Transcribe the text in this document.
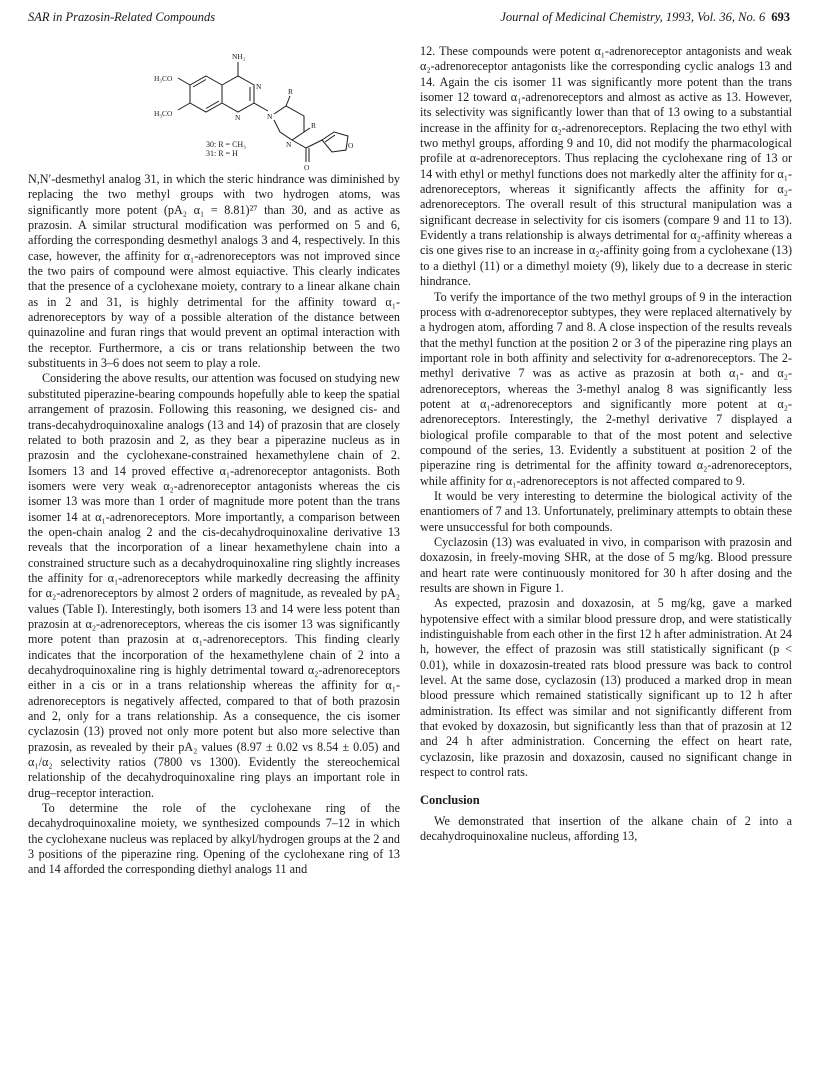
SAR in Prazosin-Related Compounds	Journal of Medicinal Chemistry, 1993, Vol. 36, No. 6 693
NH₂
H₃CO
H₃CO
N
N	N
N
R
R
O
O
30: R = CH₃
31: R = H

N,N′-desmethyl analog 31, in which the steric hindrance was diminished by replacing the two methyl groups with two hydrogen atoms, was significantly more potent (pA₂ α₁ = 8.81)²⁷ than 30, and as active as prazosin. A similar structural modification was performed on 5 and 6, affording the corresponding desmethyl analogs 3 and 4, respectively. In this case, however, the affinity for α₁-adrenoreceptors was not improved since the two pairs of compound were almost equiactive. This clearly indicates that the presence of a cyclohexane moiety, contrary to a linear alkane chain as in 2 and 31, is highly detrimental for the affinity toward α₁-adrenoreceptors by way of a possible alteration of the distance between quinazoline and furan rings that would prevent an optimal interaction with the receptor. Furthermore, a cis or trans relationship between the two substituents in 3–6 does not seem to play a role.

Considering the above results, our attention was focused on studying new substituted piperazine-bearing compounds hopefully able to keep the spatial arrangement of prazosin. Following this reasoning, we designed cis- and trans-decahydroquinoxaline analogs (13 and 14) of prazosin that are closely related to both prazosin and 2, as they bear a piperazine nucleus as in prazosin and the cyclohexane-constrained hexamethylene chain of 2. Isomers 13 and 14 proved effective α₁-adrenoreceptor antagonists. Both isomers were very weak α₂-adrenoreceptor antagonists whereas the cis isomer 13 was more than 1 order of magnitude more potent than the trans isomer 14 at α₁-adrenoreceptors. More importantly, a comparison between the open-chain analog 2 and the cis-decahydroquinoxaline derivative 13 reveals that the incorporation of a linear hexamethylene chain into a constrained structure such as a decahydroquinoxaline ring slightly increases the affinity for α₁-adrenoreceptors while markedly decreasing the affinity for α₂-adrenoreceptors by almost 2 orders of magnitude, as revealed by pA₂ values (Table I). Interestingly, both isomers 13 and 14 were less potent than prazosin at α₂-adrenoreceptors, whereas the cis isomer 13 was significantly more potent than prazosin at α₁-adrenoreceptors. This finding clearly indicates that the incorporation of the hexamethylene chain of 2 into a decahydroquinoxaline ring is highly detrimental toward α₂-adrenoreceptors either in a cis or in a trans relationship whereas the affinity for α₁-adrenoreceptors is negatively affected, compared to that of both prazosin and 2, only for a trans relationship. As a consequence, the cis isomer cyclazosin (13) proved not only more potent but also more selective than prazosin, as revealed by their pA₂ values (8.97 ± 0.02 vs 8.54 ± 0.05) and α₁/α₂ selectivity ratios (7800 vs 1300). Evidently the stereochemical relationship of the decahydroquinoxaline ring plays an important role in drug–receptor interaction.

To determine the role of the cyclohexane ring of the decahydroquinoxaline moiety, we synthesized compounds 7–12 in which the cyclohexane nucleus was replaced by alkyl/hydrogen groups at the 2 and 3 positions of the piperazine ring. Opening of the cyclohexane ring of 13 and 14 afforded the corresponding diethyl analogs 11 and

12. These compounds were potent α₁-adrenoreceptor antagonists and weak α₂-adrenoreceptor antagonists like the corresponding cyclic analogs 13 and 14. Again the cis isomer 11 was significantly more potent than the trans isomer 12 toward α₁-adrenoreceptors and almost as active as 13. However, its selectivity was significantly lower than that of 13 owing to a substantial increase in the affinity for α₂-adrenoreceptors. Replacing the two ethyl with two methyl groups, affording 9 and 10, did not modify the pharmacological profile at α-adrenoreceptors. Thus replacing the cyclohexane ring of 13 or 14 with ethyl or methyl functions does not markedly alter the affinity for α₁-adrenoreceptors, whereas it significantly affects the affinity for α₂-adrenoreceptors. The overall result of this structural manipulation was a significant decrease in selectivity for cis isomers (compare 9 and 11 to 13). Evidently a trans relationship is always detrimental for α₂-affinity whereas a cis one gives rise to an increase in α₂-affinity going from a cyclohexane (13) to a diethyl (11) or a dimethyl moiety (9), likely due to a decrease in steric hindrance.

To verify the importance of the two methyl groups of 9 in the interaction process with α-adrenoreceptor subtypes, they were replaced alternatively by a hydrogen atom, affording 7 and 8. A close inspection of the results reveals that the methyl function at the position 2 or 3 of the piperazine ring plays an important role in both affinity and selectivity for α-adrenoreceptors. The 2-methyl derivative 7 was as active as prazosin at both α₁- and α₂-adrenoreceptors, whereas the 3-methyl analog 8 was significantly less potent at α₁-adrenoreceptors and significantly more potent at α₂-adrenoreceptors. Interestingly, the 2-methyl derivative 7 displayed a biological profile comparable to that of the most potent and selective compound of the series, 13. Evidently a substituent at position 2 of the piperazine ring is detrimental for the affinity toward α₂-adrenoreceptors, while affinity for α₁-adrenoreceptors is not affected compared to 9.

It would be very interesting to determine the biological activity of the enantiomers of 7 and 13. Unfortunately, preliminary attempts to obtain these were unsuccessful for both compounds.

Cyclazosin (13) was evaluated in vivo, in comparison with prazosin and doxazosin, in freely-moving SHR, at the dose of 5 mg/kg. Blood pressure and heart rate were continuously monitored for 30 h after dosing and the results are shown in Figure 1.

As expected, prazosin and doxazosin, at 5 mg/kg, gave a marked hypotensive effect with a similar blood pressure drop, and were statistically indistinguishable from each other in the first 12 h after administration. At 24 h, however, the effect of prazosin was still statistically significant (p < 0.01), while in doxazosin-treated rats blood pressure was back to control level. At the same dose, cyclazosin (13) produced a marked drop in mean blood pressure which remained statistically significant up to 12 h after administration. Its effect was similar and not significantly different from that evoked by doxazosin, but significantly less than that of prazosin at 12 and 24 h after administration. Concerning the effect on heart rate, cyclazosin, like prazosin and doxazosin, caused no significant change in respect to control rats.

Conclusion

We demonstrated that insertion of the alkane chain of 2 into a decahydroquinoxaline nucleus, affording 13,
